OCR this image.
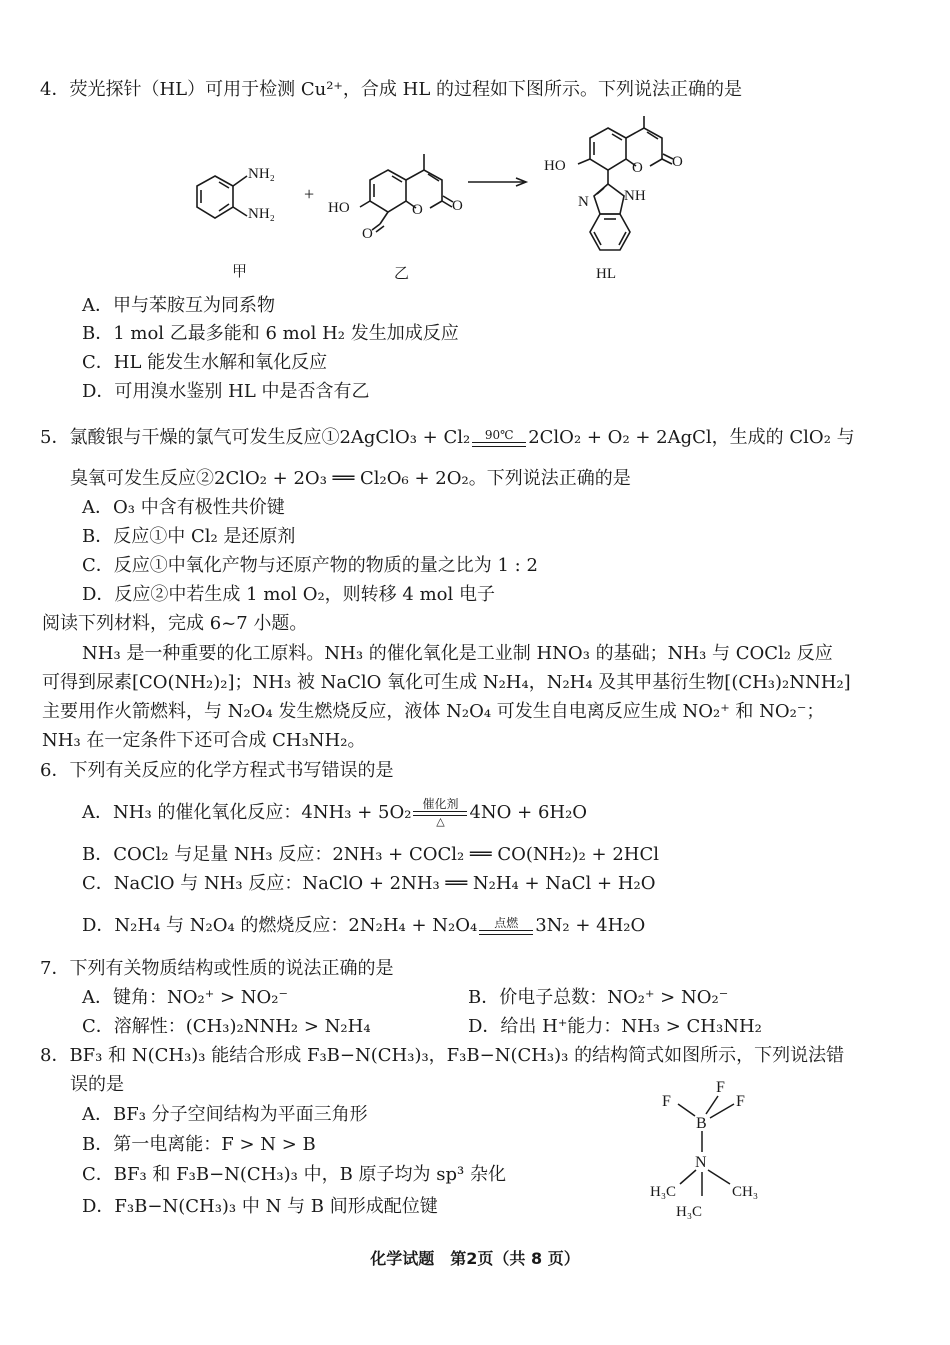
4．荧光探针（HL）可用于检测 Cu²⁺，合成 HL 的过程如下图所示。下列说法正确的是
NH₂
NH₂
+
HO	O O
O
HO	O O
NH
N
甲	乙	HL
A．甲与苯胺互为同系物
B．1 mol 乙最多能和 6 mol H₂ 发生加成反应
C．HL 能发生水解和氧化反应
D．可用溴水鉴别 HL 中是否含有乙
5．氯酸银与干燥的氯气可发生反应①2AgClO₃ + Cl₂	90℃ 2ClO₂ + O₂ + 2AgCl，生成的 ClO₂ 与
臭氧可发生反应②2ClO₂ + 2O₃ ══ Cl₂O₆ + 2O₂。下列说法正确的是
A．O₃ 中含有极性共价键
B．反应①中 Cl₂ 是还原剂
C．反应①中氧化产物与还原产物的物质的量之比为 1 : 2
D．反应②中若生成 1 mol O₂，则转移 4 mol 电子
阅读下列材料，完成 6~7 小题。
NH₃ 是一种重要的化工原料。NH₃ 的催化氧化是工业制 HNO₃ 的基础；NH₃ 与 COCl₂ 反应
可得到尿素[CO(NH₂)₂]；NH₃ 被 NaClO 氧化可生成 N₂H₄，N₂H₄ 及其甲基衍生物[(CH₃)₂NNH₂]
主要用作火箭燃料，与 N₂O₄ 发生燃烧反应，液体 N₂O₄ 可发生自电离反应生成 NO₂⁺ 和 NO₂⁻；
NH₃ 在一定条件下还可合成 CH₃NH₂。
6．下列有关反应的化学方程式书写错误的是
A．NH₃ 的催化氧化反应：4NH₃ + 5O₂ 催化剂
△	4NO + 6H₂O
B．COCl₂ 与足量 NH₃ 反应：2NH₃ + COCl₂ ══ CO(NH₂)₂ + 2HCl
C．NaClO 与 NH₃ 反应：NaClO + 2NH₃ ══ N₂H₄ + NaCl + H₂O
D．N₂H₄ 与 N₂O₄ 的燃烧反应：2N₂H₄ + N₂O₄	点燃 3N₂ + 4H₂O
7．下列有关物质结构或性质的说法正确的是
A．键角：NO₂⁺ > NO₂⁻	B．价电子总数：NO₂⁺ > NO₂⁻
C．溶解性：(CH₃)₂NNH₂ > N₂H₄	D．给出 H⁺能力：NH₃ > CH₃NH₂
8．BF₃ 和 N(CH₃)₃ 能结合形成 F₃B−N(CH₃)₃，F₃B−N(CH₃)₃ 的结构简式如图所示，下列说法错
误的是
A．BF₃ 分子空间结构为平面三角形
B．第一电离能：F > N > B
C．BF₃ 和 F₃B−N(CH₃)₃ 中，B 原子均为 sp³ 杂化
D．F₃B−N(CH₃)₃ 中 N 与 B 间形成配位键
F
F
F
B
N
H₃C	CH₃
H₃C
化学试题　第2页（共 8 页）
